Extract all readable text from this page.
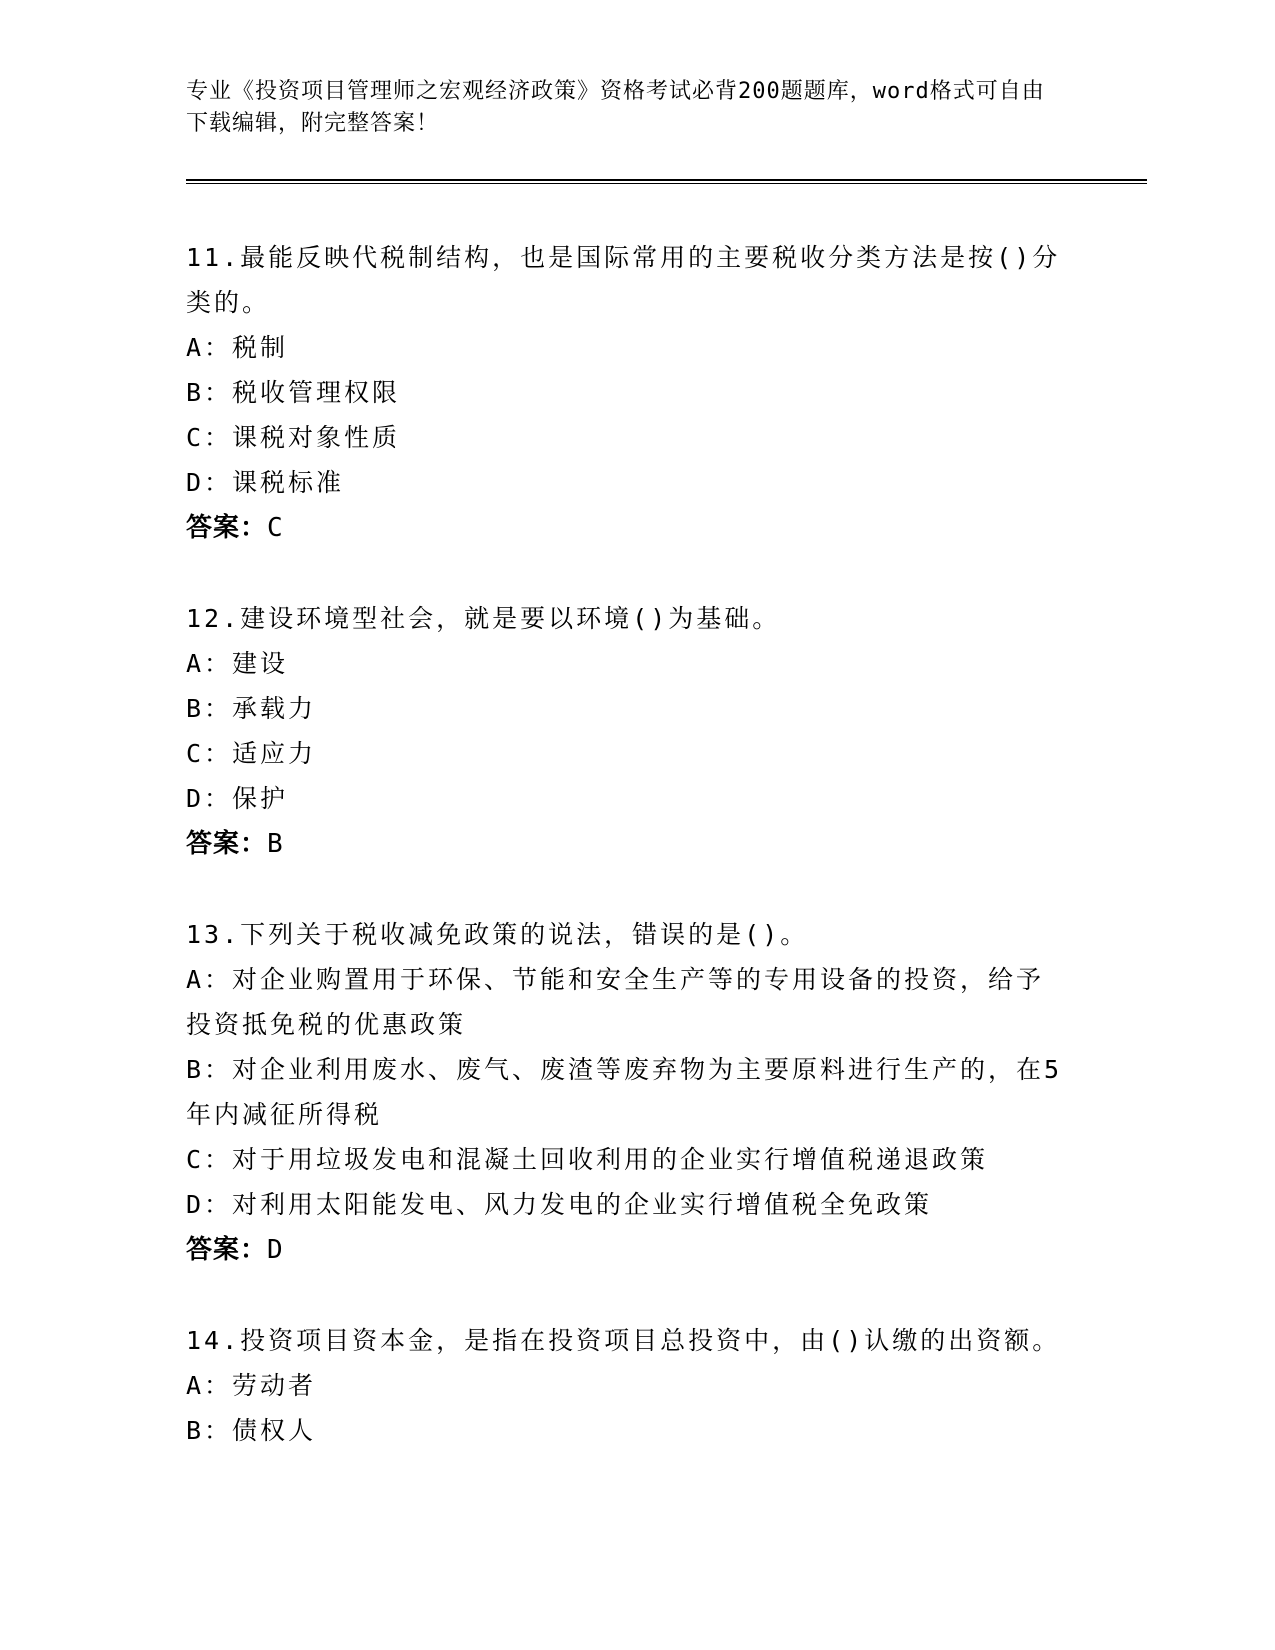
专业《投资项目管理师之宏观经济政策》资格考试必背200题题库，word格式可自由下载编辑，附完整答案！
11.最能反映代税制结构，也是国际常用的主要税收分类方法是按()分类的。
A：税制
B：税收管理权限
C：课税对象性质
D：课税标准
答案：C
12.建设环境型社会，就是要以环境()为基础。
A：建设
B：承载力
C：适应力
D：保护
答案：B
13.下列关于税收减免政策的说法，错误的是()。
A：对企业购置用于环保、节能和安全生产等的专用设备的投资，给予投资抵免税的优惠政策
B：对企业利用废水、废气、废渣等废弃物为主要原料进行生产的，在5年内减征所得税
C：对于用垃圾发电和混凝土回收利用的企业实行增值税递退政策
D：对利用太阳能发电、风力发电的企业实行增值税全免政策
答案：D
14.投资项目资本金，是指在投资项目总投资中，由()认缴的出资额。
A：劳动者
B：债权人
